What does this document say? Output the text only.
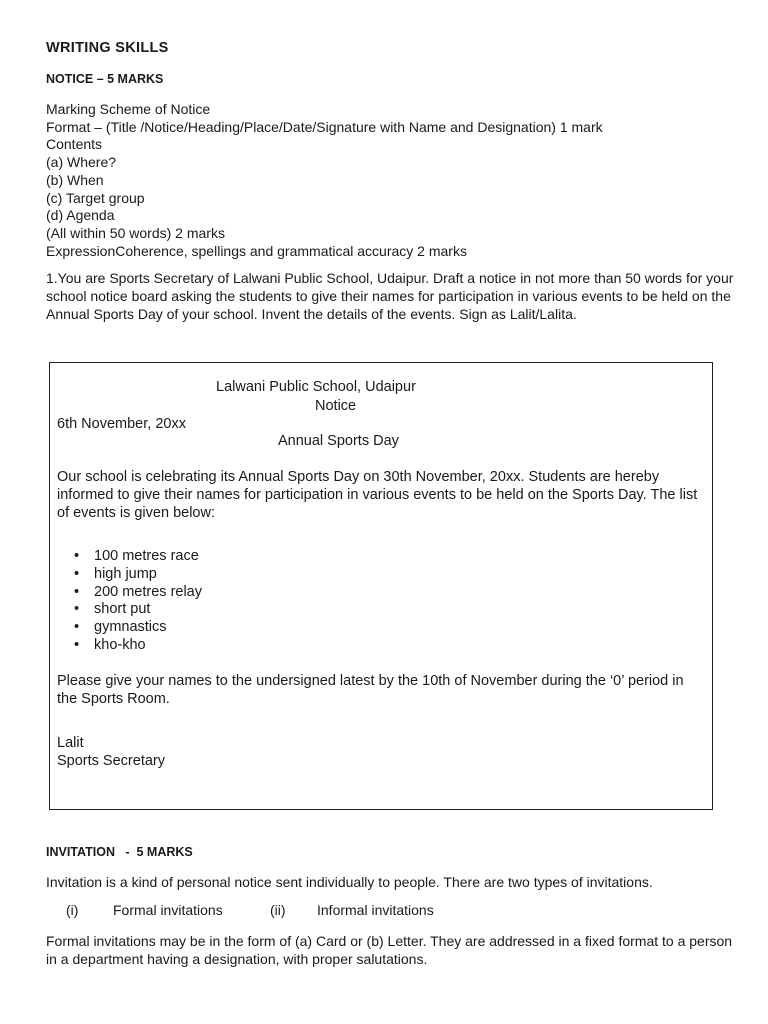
WRITING SKILLS
NOTICE – 5 MARKS
Marking Scheme of Notice
Format – (Title /Notice/Heading/Place/Date/Signature with Name and Designation) 1 mark
Contents
(a) Where?
(b) When
(c) Target group
(d) Agenda
(All within 50 words) 2 marks
ExpressionCoherence, spellings and grammatical accuracy 2 marks
1.You are Sports Secretary of Lalwani Public School, Udaipur. Draft a notice in not more than 50 words for your school notice board asking the students to give their names for participation in various events to be held on the Annual Sports Day of your school. Invent the details of the events. Sign as Lalit/Lalita.
Lalwani Public School, Udaipur
Notice
6th November, 20xx
Annual Sports Day
Our school is celebrating its Annual Sports Day on 30th November, 20xx. Students are hereby informed to give their names for participation in various events to be held on the Sports Day. The list of events is given below:
• 100 metres race
• high jump
• 200 metres relay
• short put
• gymnastics
• kho-kho
Please give your names to the undersigned latest by the 10th of November during the ‘0’ period in the Sports Room.
Lalit
Sports Secretary
INVITATION   -  5 MARKS
Invitation is a kind of personal notice sent individually to people. There are two types of invitations.
(i) Formal invitations	(ii) Informal invitations
Formal invitations may be in the form of (a) Card or (b) Letter. They are addressed in a fixed format to a person in a department having a designation, with proper salutations.
